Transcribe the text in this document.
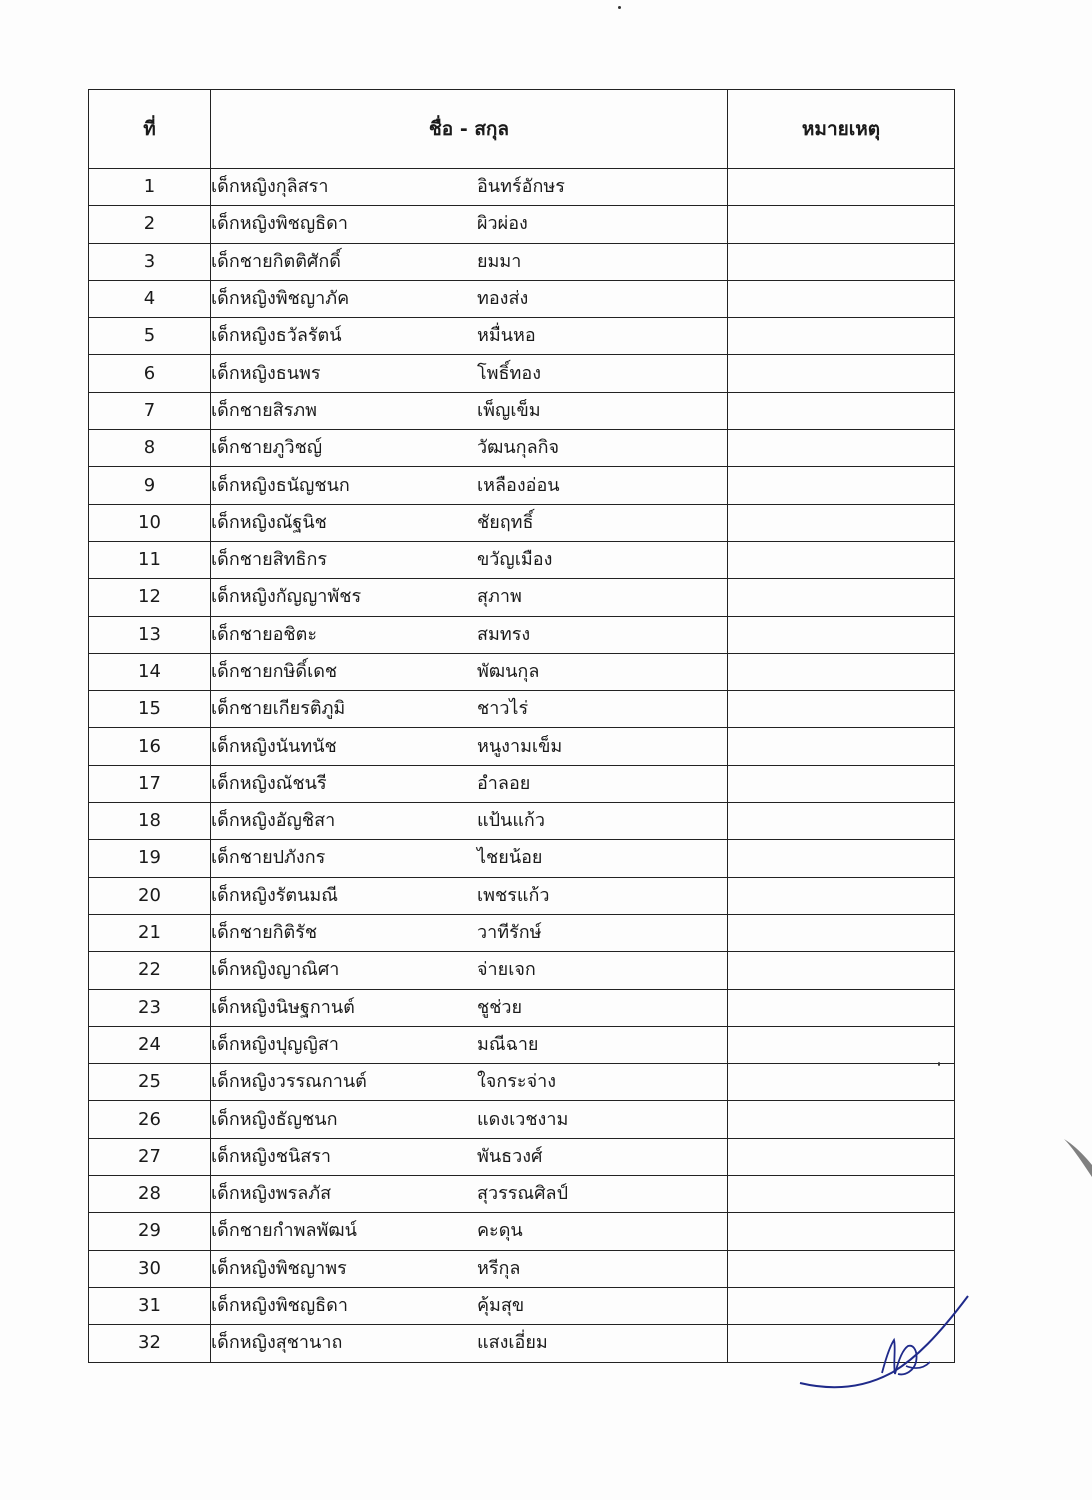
ที่	ชื่อ - สกุล	หมายเหตุ
1	เด็กหญิงกุลิสรา อินทร์อักษร	
2	เด็กหญิงพิชญธิดา ผิวผ่อง	
3	เด็กชายกิตติศักดิ์ ยมมา	
4	เด็กหญิงพิชญาภัค ทองส่ง	
5	เด็กหญิงธวัลรัตน์ หมื่นหอ	
6	เด็กหญิงธนพร โพธิ์ทอง	
7	เด็กชายสิรภพ เพ็ญเข็ม	
8	เด็กชายภูวิชญ์ วัฒนกุลกิจ	
9	เด็กหญิงธนัญชนก เหลืองอ่อน	
10	เด็กหญิงณัฐนิช ชัยฤทธิ์	
11	เด็กชายสิทธิกร ขวัญเมือง	
12	เด็กหญิงกัญญาพัชร สุภาพ	
13	เด็กชายอชิตะ สมทรง	
14	เด็กชายกษิดิ์เดช พัฒนกุล	
15	เด็กชายเกียรติภูมิ ชาวไร่	
16	เด็กหญิงนันทนัช หนูงามเข็ม	
17	เด็กหญิงณัชนรี อำลอย	
18	เด็กหญิงอัญชิสา แป้นแก้ว	
19	เด็กชายปภังกร ไชยน้อย	
20	เด็กหญิงรัตนมณี เพชรแก้ว	
21	เด็กชายกิติรัช วาทีรักษ์	
22	เด็กหญิงญาณิศา จ่ายเจก	
23	เด็กหญิงนิษฐกานต์ ชูช่วย	
24	เด็กหญิงปุญญิสา มณีฉาย	
25	เด็กหญิงวรรณกานต์ ใจกระจ่าง	
26	เด็กหญิงธัญชนก แดงเวชงาม	
27	เด็กหญิงชนิสรา พันธวงศ์	
28	เด็กหญิงพรลภัส สุวรรณศิลป์	
29	เด็กชายกำพลพัฒน์ คะดุน	
30	เด็กหญิงพิชญาพร หรีกุล	
31	เด็กหญิงพิชญธิดา คุ้มสุข	
32	เด็กหญิงสุชานาถ แสงเอี่ยม	
